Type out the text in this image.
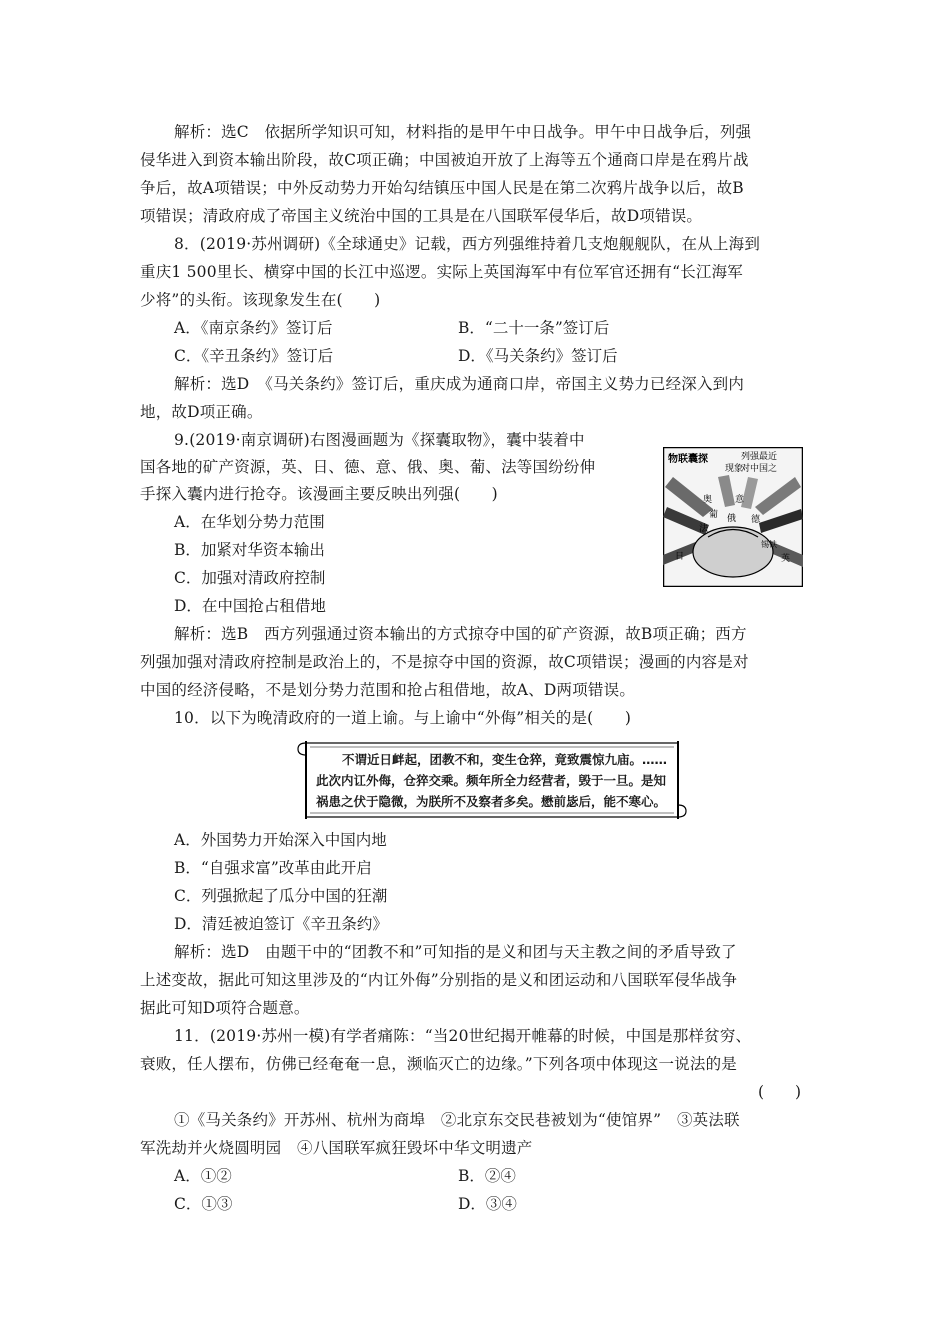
解析：选C　依据所学知识可知，材料指的是甲午中日战争。甲午中日战争后，列强
侵华进入到资本输出阶段，故C项正确；中国被迫开放了上海等五个通商口岸是在鸦片战
争后，故A项错误；中外反动势力开始勾结镇压中国人民是在第二次鸦片战争以后，故B
项错误；清政府成了帝国主义统治中国的工具是在八国联军侵华后，故D项错误。
8．(2019·苏州调研)《全球通史》记载，西方列强维持着几支炮舰舰队，在从上海到
重庆1 500里长、横穿中国的长江中巡逻。实际上英国海军中有位军官还拥有“长江海军
少将”的头衔。该现象发生在(　　)
A．《南京条约》签订后	B．“二十一条”签订后
C．《辛丑条约》签订后	D．《马关条约》签订后
解析：选D　《马关条约》签订后，重庆成为通商口岸，帝国主义势力已经深入到内
地，故D项正确。
9.(2019·南京调研)右图漫画题为《探囊取物》，囊中装着中
国各地的矿产资源，英、日、德、意、俄、奥、葡、法等国纷纷伸
手探入囊内进行抢夺。该漫画主要反映出列强(　　)
A．在华划分势力范围
B．加紧对华资本输出
C．加强对清政府控制
D．在中国抢占租借地
解析：选B　西方列强通过资本输出的方式掠夺中国的矿产资源，故B项正确；西方
列强加强对清政府控制是政治上的，不是掠夺中国的资源，故C项错误；漫画的内容是对
中国的经济侵略，不是划分势力范围和抢占租借地，故A、D两项错误。
物联囊探	列强最近
对中国之
现象
奥	意
葡 俄 德
法
日	英
锡铁
10．以下为晚清政府的一道上谕。与上谕中“外侮”相关的是(　　)
不谓近日衅起，团教不和，变生仓猝，竟致震惊九庙。……
此次内讧外侮，仓猝交乘。频年所全力经营者，毁于一旦。是知
祸患之伏于隐微，为朕所不及察者多矣。懋前毖后，能不寒心。
A．外国势力开始深入中国内地
B．“自强求富”改革由此开启
C．列强掀起了瓜分中国的狂潮
D．清廷被迫签订《辛丑条约》
解析：选D　由题干中的“团教不和”可知指的是义和团与天主教之间的矛盾导致了
上述变故，据此可知这里涉及的“内讧外侮”分别指的是义和团运动和八国联军侵华战争
据此可知D项符合题意。
11．(2019·苏州一模)有学者痛陈：“当20世纪揭开帷幕的时候，中国是那样贫穷、
衰败，任人摆布，仿佛已经奄奄一息，濒临灭亡的边缘。”下列各项中体现这一说法的是
(　　)
①《马关条约》开苏州、杭州为商埠　②北京东交民巷被划为“使馆界”　③英法联
军洗劫并火烧圆明园　④八国联军疯狂毁坏中华文明遗产
A．①②	B．②④
C．①③	D．③④
